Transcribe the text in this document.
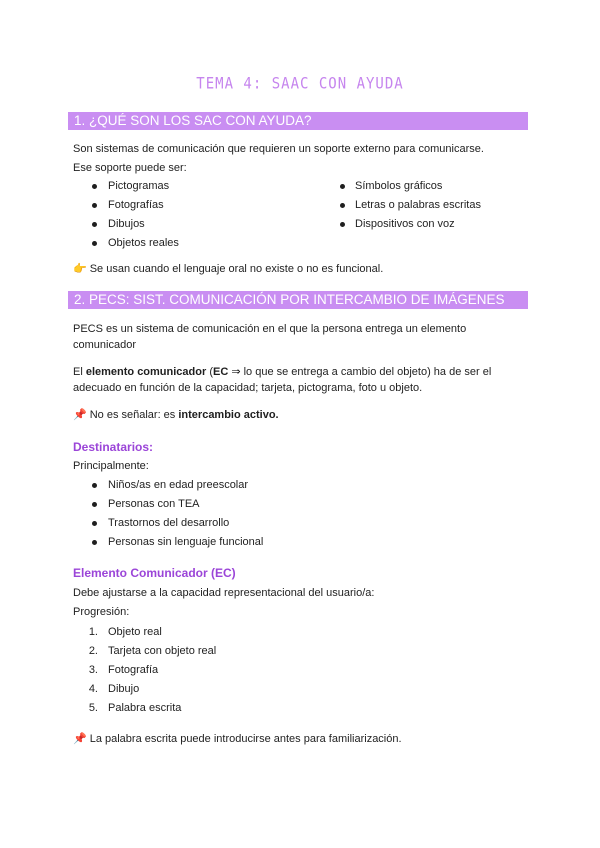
TEMA 4: SAAC CON AYUDA
1. ¿QUÉ SON LOS SAC CON AYUDA?
Son sistemas de comunicación que requieren un soporte externo para comunicarse.
Ese soporte puede ser:
Pictogramas
Fotografías
Dibujos
Objetos reales
Símbolos gráficos
Letras o palabras escritas
Dispositivos con voz
👉 Se usan cuando el lenguaje oral no existe o no es funcional.
2. PECS: SIST. COMUNICACIÓN POR INTERCAMBIO DE IMÁGENES
PECS es un sistema de comunicación en el que la persona entrega un elemento comunicador
El elemento comunicador (EC ⇒ lo que se entrega a cambio del objeto) ha de ser el adecuado en función de la capacidad; tarjeta, pictograma, foto u objeto.
📌 No es señalar: es intercambio activo.
Destinatarios:
Principalmente:
Niños/as en edad preescolar
Personas con TEA
Trastornos del desarrollo
Personas sin lenguaje funcional
Elemento Comunicador (EC)
Debe ajustarse a la capacidad representacional del usuario/a:
Progresión:
1. Objeto real
2. Tarjeta con objeto real
3. Fotografía
4. Dibujo
5. Palabra escrita
📌 La palabra escrita puede introducirse antes para familiarización.
